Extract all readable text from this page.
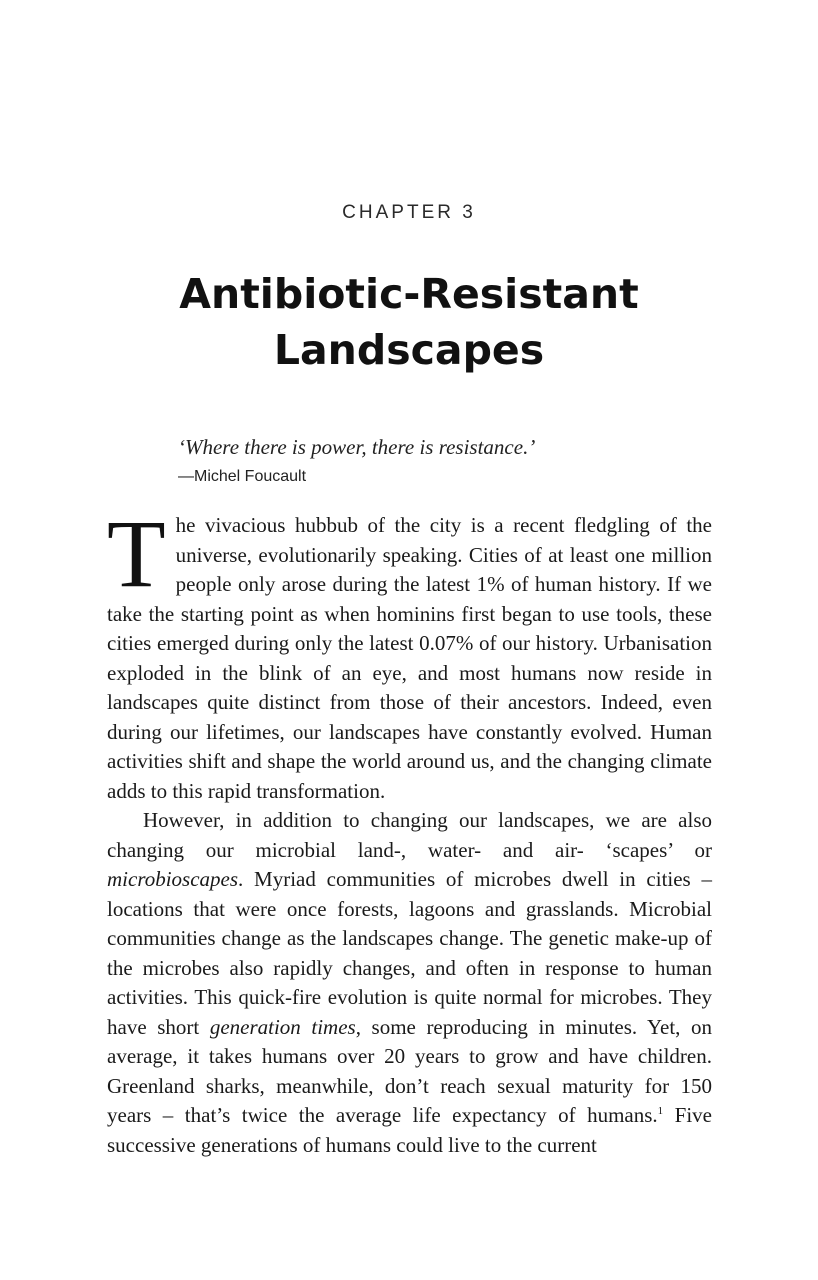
CHAPTER 3
Antibiotic-Resistant
Landscapes
‘Where there is power, there is resistance.’
—Michel Foucault

The vivacious hubbub of the city is a recent fledgling of the universe, evolutionarily speaking. Cities of at least one million people only arose during the latest 1% of human history. If we take the starting point as when hominins first began to use tools, these cities emerged during only the latest 0.07% of our history. Urbanisation exploded in the blink of an eye, and most humans now reside in landscapes quite distinct from those of their ancestors. Indeed, even during our lifetimes, our landscapes have constantly evolved. Human activities shift and shape the world around us, and the changing climate adds to this rapid transformation.

However, in addition to changing our landscapes, we are also changing our microbial land-, water- and air- ‘scapes’ or microbioscapes. Myriad communities of microbes dwell in cities – locations that were once forests, lagoons and grasslands. Microbial communities change as the landscapes change. The genetic make-up of the microbes also rapidly changes, and often in response to human activities. This quick-fire evolution is quite normal for microbes. They have short generation times, some reproducing in minutes. Yet, on average, it takes humans over 20 years to grow and have children. Greenland sharks, meanwhile, don’t reach sexual maturity for 150 years – that’s twice the average life expectancy of humans.$^1$ Five successive generations of humans could live to the current
